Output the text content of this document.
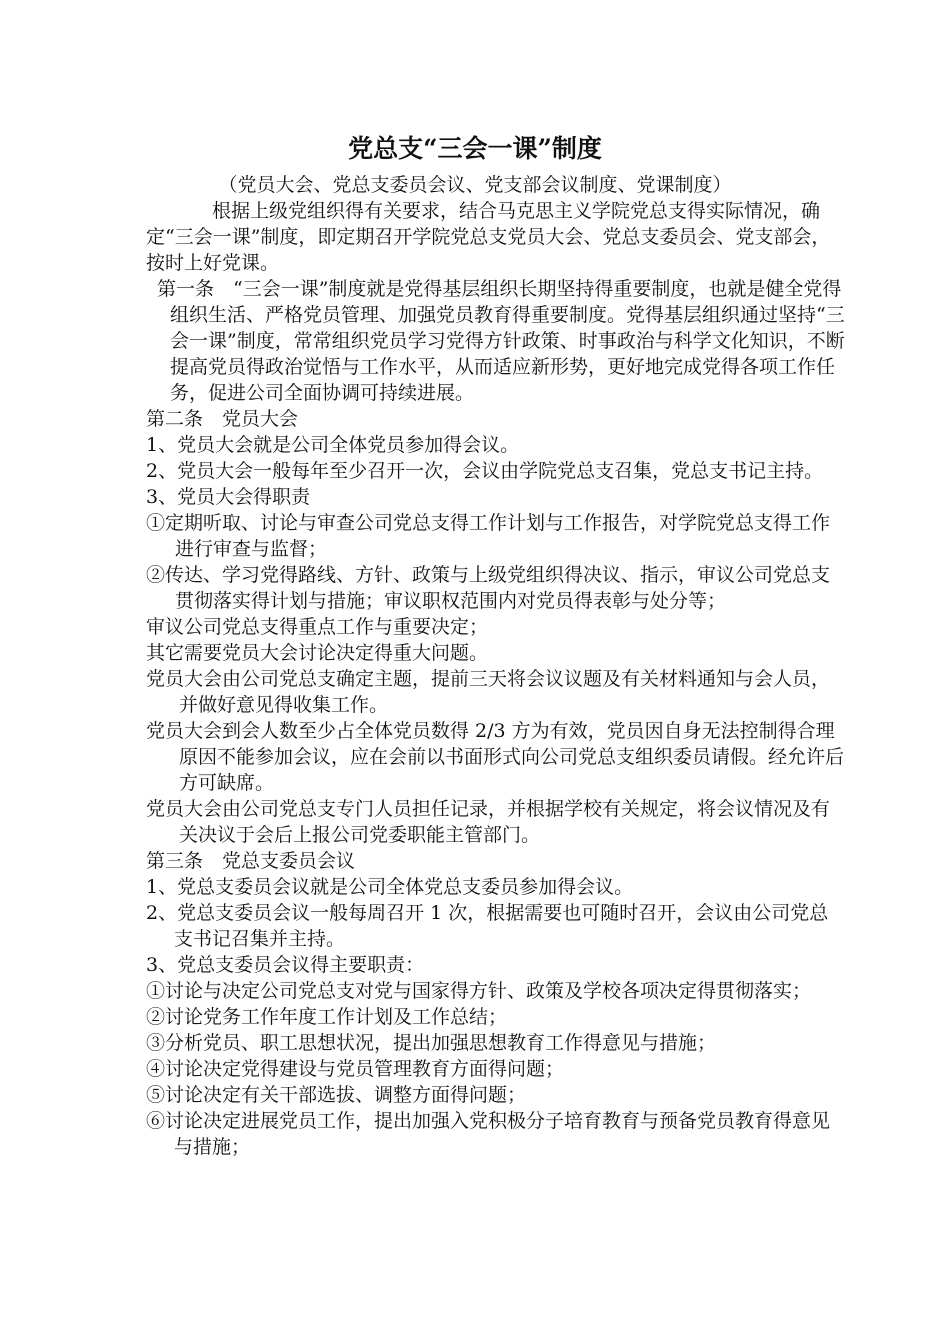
党总支“三会一课”制度
（党员大会、党总支委员会议、党支部会议制度、党课制度）

根据上级党组织得有关要求，结合马克思主义学院党总支得实际情况，确定“三会一课”制度，即定期召开学院党总支党员大会、党总支委员会、党支部会，按时上好党课。

第一条　“三会一课”制度就是党得基层组织长期坚持得重要制度，也就是健全党得组织生活、严格党员管理、加强党员教育得重要制度。党得基层组织通过坚持“三会一课”制度，常常组织党员学习党得方针政策、时事政治与科学文化知识，不断提高党员得政治觉悟与工作水平，从而适应新形势，更好地完成党得各项工作任务，促进公司全面协调可持续进展。

第二条　党员大会

1、党员大会就是公司全体党员参加得会议。

2、党员大会一般每年至少召开一次，会议由学院党总支召集，党总支书记主持。

3、党员大会得职责

①定期听取、讨论与审查公司党总支得工作计划与工作报告，对学院党总支得工作进行审查与监督；

②传达、学习党得路线、方针、政策与上级党组织得决议、指示，审议公司党总支贯彻落实得计划与措施；审议职权范围内对党员得表彰与处分等；

审议公司党总支得重点工作与重要决定；

其它需要党员大会讨论决定得重大问题。

党员大会由公司党总支确定主题，提前三天将会议议题及有关材料通知与会人员，并做好意见得收集工作。

党员大会到会人数至少占全体党员数得 2/3 方为有效，党员因自身无法控制得合理原因不能参加会议，应在会前以书面形式向公司党总支组织委员请假。经允许后方可缺席。

党员大会由公司党总支专门人员担任记录，并根据学校有关规定，将会议情况及有关决议于会后上报公司党委职能主管部门。

第三条　党总支委员会议

1、党总支委员会议就是公司全体党总支委员参加得会议。

2、党总支委员会议一般每周召开 1 次，根据需要也可随时召开，会议由公司党总支书记召集并主持。

3、党总支委员会议得主要职责：

①讨论与决定公司党总支对党与国家得方针、政策及学校各项决定得贯彻落实；

②讨论党务工作年度工作计划及工作总结；

③分析党员、职工思想状况，提出加强思想教育工作得意见与措施；

④讨论决定党得建设与党员管理教育方面得问题；

⑤讨论决定有关干部选拔、调整方面得问题；

⑥讨论决定进展党员工作，提出加强入党积极分子培育教育与预备党员教育得意见与措施；
